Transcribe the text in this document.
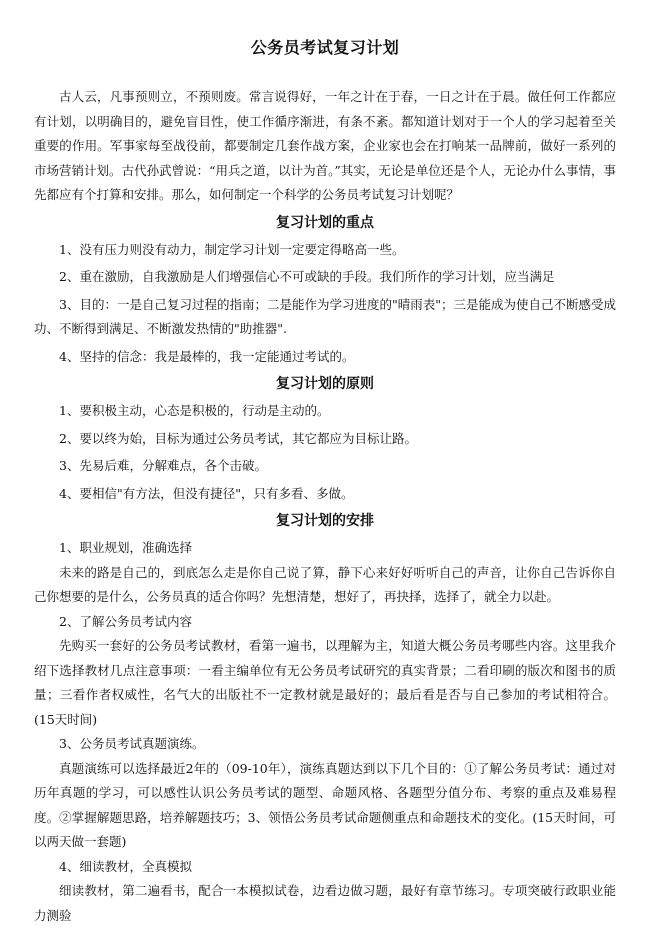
公务员考试复习计划

古人云，凡事预则立，不预则废。常言说得好，一年之计在于春，一日之计在于晨。做任何工作都应有计划，以明确目的，避免盲目性，使工作循序渐进，有条不紊。都知道计划对于一个人的学习起着至关重要的作用。军事家每至战役前，都要制定几套作战方案，企业家也会在打响某一品牌前，做好一系列的市场营销计划。古代孙武曾说：“用兵之道，以计为首。”其实，无论是单位还是个人，无论办什么事情，事先都应有个打算和安排。那么，如何制定一个科学的公务员考试复习计划呢？

复习计划的重点

1、没有压力则没有动力，制定学习计划一定要定得略高一些。

2、重在激励，自我激励是人们增强信心不可或缺的手段。我们所作的学习计划，应当满足

3、目的：一是自己复习过程的指南；二是能作为学习进度的"晴雨表"；三是能成为使自己不断感受成功、不断得到满足、不断激发热情的"助推器".

4、坚持的信念：我是最棒的，我一定能通过考试的。

复习计划的原则

1、要积极主动，心态是积极的，行动是主动的。

2、要以终为始，目标为通过公务员考试，其它都应为目标让路。

3、先易后难，分解难点，各个击破。

4、要相信"有方法，但没有捷径"，只有多看、多做。

复习计划的安排

1、职业规划，准确选择

未来的路是自己的，到底怎么走是你自己说了算，静下心来好好听听自己的声音，让你自己告诉你自己你想要的是什么，公务员真的适合你吗？先想清楚，想好了，再抉择，选择了，就全力以赴。

2、了解公务员考试内容

先购买一套好的公务员考试教材，看第一遍书，以理解为主，知道大概公务员考哪些内容。这里我介绍下选择教材几点注意事项：一看主编单位有无公务员考试研究的真实背景；二看印刷的版次和图书的质量；三看作者权威性，名气大的出版社不一定教材就是最好的；最后看是否与自己参加的考试相符合。(15天时间)

3、公务员考试真题演练。

真题演练可以选择最近2年的（09-10年），演练真题达到以下几个目的：①了解公务员考试：通过对历年真题的学习，可以感性认识公务员考试的题型、命题风格、各题型分值分布、考察的重点及难易程度。②掌握解题思路，培养解题技巧；3、领悟公务员考试命题侧重点和命题技术的变化。(15天时间，可以两天做一套题)

4、细读教材，全真模拟

细读教材，第二遍看书，配合一本模拟试卷，边看边做习题，最好有章节练习。专项突破行政职业能力测验
